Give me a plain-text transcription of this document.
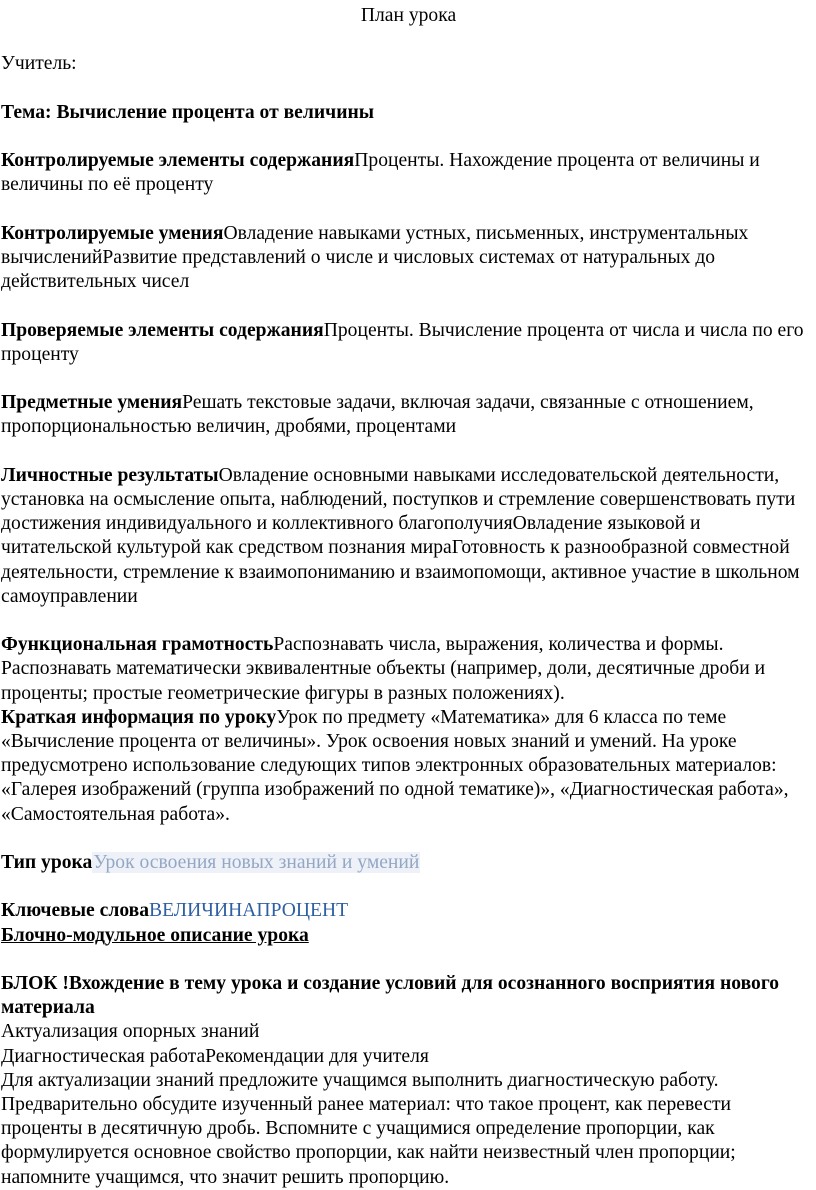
План урока

Учитель:

Тема: Вычисление процента от величины

Контролируемые элементы содержанияПроценты. Нахождение процента от величины и величины по её проценту

Контролируемые уменияОвладение навыками устных, письменных, инструментальных вычисленийРазвитие представлений о числе и числовых системах от натуральных до действительных чисел

Проверяемые элементы содержанияПроценты. Вычисление процента от числа и числа по его проценту

Предметные уменияРешать текстовые задачи, включая задачи, связанные с отношением, пропорциональностью величин, дробями, процентами

Личностные результатыОвладение основными навыками исследовательской деятельности, установка на осмысление опыта, наблюдений, поступков и стремление совершенствовать пути достижения индивидуального и коллективного благополучияОвладение языковой и читательской культурой как средством познания мираГотовность к разнообразной совместной деятельности, стремление к взаимопониманию и взаимопомощи, активное участие в школьном самоуправлении

Функциональная грамотностьРаспознавать числа, выражения, количества и формы. Распознавать математически эквивалентные объекты (например, доли, десятичные дроби и проценты; простые геометрические фигуры в разных положениях).

Краткая информация по урокуУрок по предмету «Математика» для 6 класса по теме «Вычисление процента от величины». Урок освоения новых знаний и умений. На уроке предусмотрено использование следующих типов электронных образовательных материалов: «Галерея изображений (группа изображений по одной тематике)», «Диагностическая работа», «Самостоятельная работа».

Тип урокаУрок освоения новых знаний и умений

Ключевые словаВЕЛИЧИНАПРОЦЕНТ

Блочно-модульное описание урока

БЛОК !Вхождение в тему урока и создание условий для осознанного восприятия нового материала

Актуализация опорных знаний

Диагностическая работаРекомендации для учителя

Для актуализации знаний предложите учащимся выполнить диагностическую работу. Предварительно обсудите изученный ранее материал: что такое процент, как перевести проценты в десятичную дробь. Вспомните с учащимися определение пропорции, как формулируется основное свойство пропорции, как найти неизвестный член пропорции; напомните учащимся, что значит решить пропорцию.
